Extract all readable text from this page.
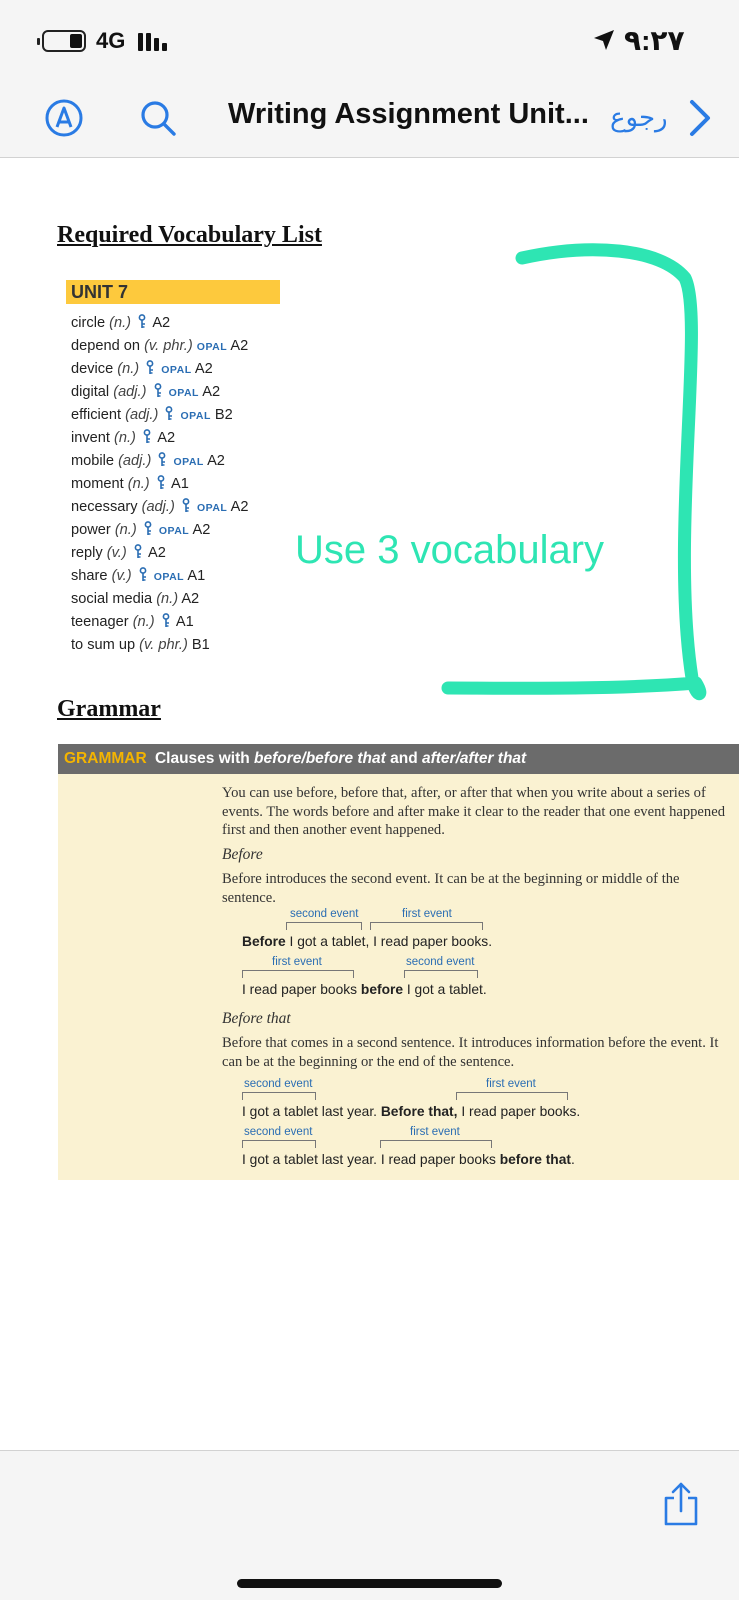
4G	٩:٢٧
Writing Assignment Unit... رجوع
Required Vocabulary List
UNIT 7
circle (n.) A2
depend on (v. phr.) OPAL A2
device (n.) OPAL A2
digital (adj.) OPAL A2
efficient (adj.) OPAL B2
invent (n.) A2
mobile (adj.) OPAL A2
moment (n.) A1
necessary (adj.) OPAL A2
power (n.) OPAL A2
reply (v.) A2
share (v.) OPAL A1
social media (n.) A2
teenager (n.) A1
to sum up (v. phr.) B1
Use 3 vocabulary
Grammar
GRAMMAR Clauses with before/before that and after/after that
You can use before, before that, after, or after that when you write about a series of events. The words before and after make it clear to the reader that one event happened first and then another event happened.
Before
Before introduces the second event. It can be at the beginning or middle of the sentence.
second event	first event
Before I got a tablet, I read paper books.
first event	second event
I read paper books before I got a tablet.
Before that
Before that comes in a second sentence. It introduces information before the event. It can be at the beginning or the end of the sentence.
second event	first event
I got a tablet last year. Before that, I read paper books.
second event	first event
I got a tablet last year. I read paper books before that.
